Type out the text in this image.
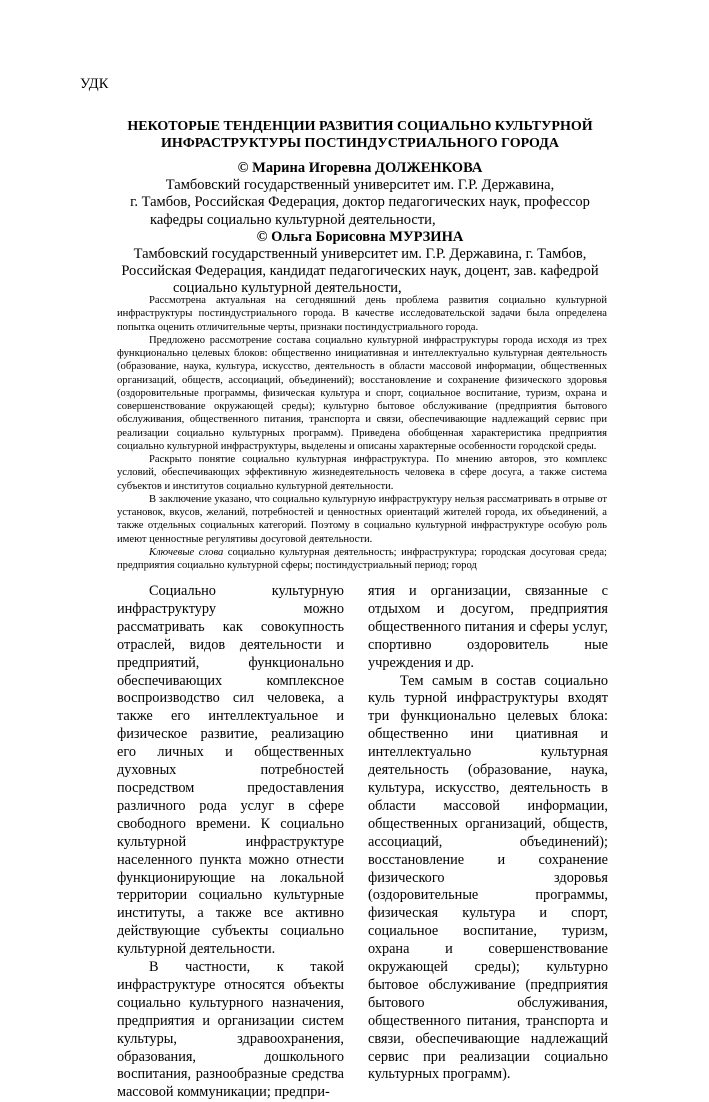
УДК
НЕКОТОРЫЕ ТЕНДЕНЦИИ РАЗВИТИЯ СОЦИАЛЬНО КУЛЬТУРНОЙ
ИНФРАСТРУКТУРЫ ПОСТИНДУСТРИАЛЬНОГО ГОРОДА
© Марина Игоревна ДОЛЖЕНКОВА
Тамбовский государственный университет им. Г.Р. Державина,
г. Тамбов, Российская Федерация, доктор педагогических наук, профессор
кафедры социально культурной деятельности,
© Ольга Борисовна МУРЗИНА
Тамбовский государственный университет им. Г.Р. Державина, г. Тамбов,
Российская Федерация, кандидат педагогических наук, доцент, зав. кафедрой
социально культурной деятельности,

Рассмотрена актуальная на сегодняшний день проблема развития социально культурной инфраструктуры постиндустриального города. В качестве исследовательской задачи была определена попытка оценить отличительные черты, признаки постиндустриального города.

Предложено рассмотрение состава социально культурной инфраструктуры города исходя из трех функционально целевых блоков: общественно инициативная и интеллектуально культурная деятельность (образование, наука, культура, искусство, деятельность в области массовой информации, общественных организаций, обществ, ассоциаций, объединений); восстановление и сохранение физического здоровья (оздоровительные программы, физическая культура и спорт, социальное воспитание, туризм, охрана и совершенствование окружающей среды); культурно бытовое обслуживание (предприятия бытового обслуживания, общественного питания, транспорта и связи, обеспечивающие надлежащий сервис при реализации социально культурных программ). Приведена обобщенная характеристика предприятия социально культурной инфраструктуры, выделены и описаны характерные особенности городской среды.

Раскрыто понятие социально культурная инфраструктура. По мнению авторов, это комплекс условий, обеспечивающих эффективную жизнедеятельность человека в сфере досуга, а также система субъектов и институтов социально культурной деятельности.

В заключение указано, что социально культурную инфраструктуру нельзя рассматривать в отрыве от установок, вкусов, желаний, потребностей и ценностных ориентаций жителей города, их объединений, а также отдельных социальных категорий. Поэтому в социально культурной инфраструктуре особую роль имеют ценностные регулятивы досуговой деятельности.

Ключевые слова социально культурная деятельность; инфраструктура; городская досуговая среда; предприятия социально культурной сферы; постиндустриальный период; город

Социально культурную инфраструктуру можно рассматривать как совокупность отраслей, видов деятельности и предприятий, функционально обеспечивающих комплексное воспроизводство сил человека, а также его интеллектуальное и физическое развитие, реализацию его личных и общественных духовных потребностей посредством предоставления различного рода услуг в сфере свободного времени. К социально культурной инфраструктуре населенного пункта можно отнести функционирующие на локальной территории социально культурные институты, а также все активно действующие субъекты социально культурной деятельности.

В частности, к такой инфраструктуре относятся объекты социально культурного назначения, предприятия и организации систем культуры, здравоохранения, образования, дошкольного воспитания, разнообразные средства массовой коммуникации; предпри-

ятия и организации, связанные с отдыхом и досугом, предприятия общественного питания и сферы услуг, спортивно оздоровитель ные учреждения и др.

Тем самым в состав социально куль турной инфраструктуры входят три функционально целевых блока: общественно ини циативная и интеллектуально культурная деятельность (образование, наука, культура, искусство, деятельность в области массовой информации, общественных организаций, обществ, ассоциаций, объединений); восстановление и сохранение физического здоровья (оздоровительные программы, физическая культура и спорт, социальное воспитание, туризм, охрана и совершенствование окружающей среды); культурно бытовое обслуживание (предприятия бытового обслуживания, общественного питания, транспорта и связи, обеспечивающие надлежащий сервис при реализации социально культурных программ).
